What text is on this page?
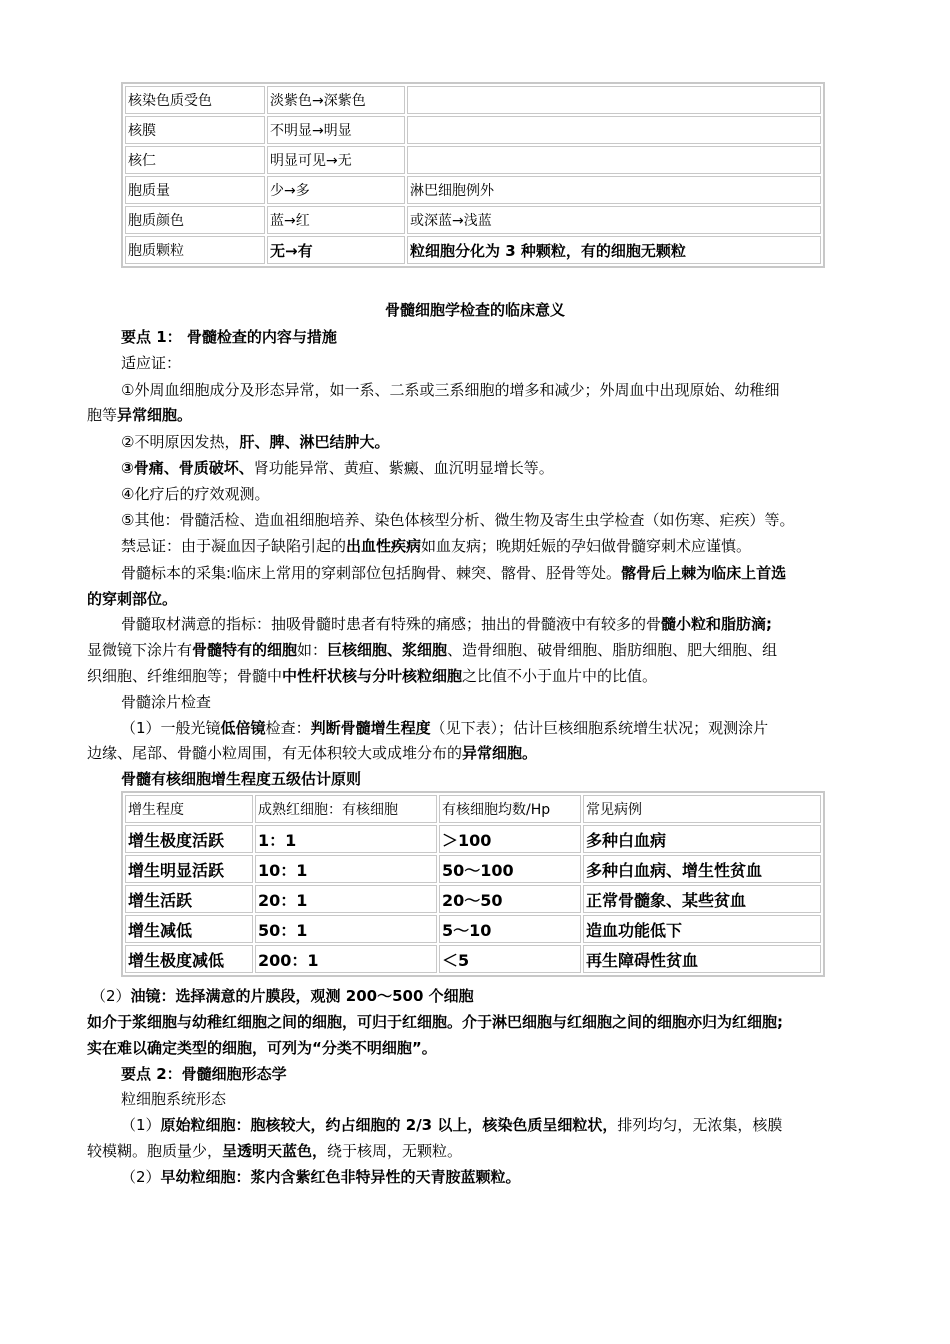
核染色质受色	淡紫色→深紫色	
核膜	不明显→明显	
核仁	明显可见→无	
胞质量	少→多	淋巴细胞例外
胞质颜色	蓝→红	或深蓝→浅蓝
胞质颗粒	无→有	粒细胞分化为 3 种颗粒，有的细胞无颗粒
骨髓细胞学检查的临床意义
要点 1： 骨髓检查的内容与措施
适应证：
①外周血细胞成分及形态异常，如一系、二系或三系细胞的增多和减少；外周血中出现原始、幼稚细
胞等异常细胞。
②不明原因发热，肝、脾、淋巴结肿大。
③骨痛、骨质破坏、肾功能异常、黄疸、紫癜、血沉明显增长等。
④化疗后的疗效观测。
⑤其他：骨髓活检、造血祖细胞培养、染色体核型分析、微生物及寄生虫学检查（如伤寒、疟疾）等。
禁忌证：由于凝血因子缺陷引起的出血性疾病如血友病；晚期妊娠的孕妇做骨髓穿刺术应谨慎。
骨髓标本的采集:临床上常用的穿刺部位包括胸骨、棘突、髂骨、胫骨等处。髂骨后上棘为临床上首选
的穿刺部位。
骨髓取材满意的指标：抽吸骨髓时患者有特殊的痛感；抽出的骨髓液中有较多的骨髓小粒和脂肪滴;
显微镜下涂片有骨髓特有的细胞如：巨核细胞、浆细胞、造骨细胞、破骨细胞、脂肪细胞、肥大细胞、组
织细胞、纤维细胞等；骨髓中中性杆状核与分叶核粒细胞之比值不小于血片中的比值。
骨髓涂片检查
（1）一般光镜低倍镜检查：判断骨髓增生程度（见下表）；估计巨核细胞系统增生状况；观测涂片
边缘、尾部、骨髓小粒周围，有无体积较大或成堆分布的异常细胞。
骨髓有核细胞增生程度五级估计原则
增生程度	成熟红细胞：有核细胞	有核细胞均数/Hp	常见病例
增生极度活跃	1：1	＞100	多种白血病
增生明显活跃	10：1	50～100	多种白血病、增生性贫血
增生活跃	20：1	20～50	正常骨髓象、某些贫血
增生减低	50：1	5～10	造血功能低下
增生极度减低	200：1	＜5	再生障碍性贫血
（2）油镜：选择满意的片膜段，观测 200～500 个细胞
如介于浆细胞与幼稚红细胞之间的细胞，可归于红细胞。介于淋巴细胞与红细胞之间的细胞亦归为红细胞;
实在难以确定类型的细胞，可列为“分类不明细胞”。
要点 2：骨髓细胞形态学
粒细胞系统形态
（1）原始粒细胞：胞核较大，约占细胞的 2/3 以上，核染色质呈细粒状，排列均匀，无浓集，核膜
较模糊。胞质量少，呈透明天蓝色，绕于核周，无颗粒。
（2）早幼粒细胞：浆内含紫红色非特异性的天青胺蓝颗粒。
